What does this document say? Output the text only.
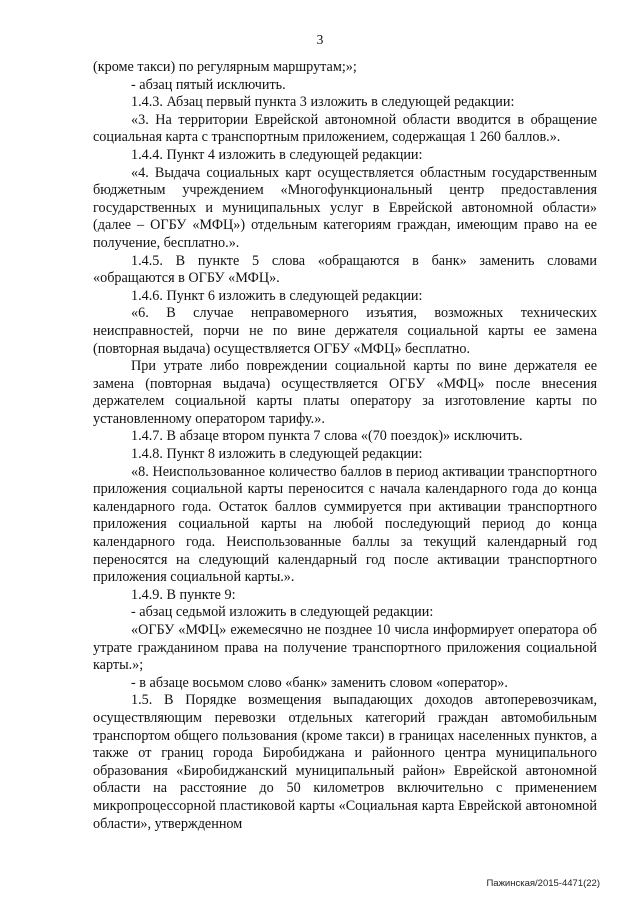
3

(кроме такси) по регулярным маршрутам;»;

- абзац пятый исключить.

1.4.3. Абзац первый пункта 3 изложить в следующей редакции:

«3. На территории Еврейской автономной области вводится в обращение социальная карта с транспортным приложением, содержащая 1 260 баллов.».

1.4.4. Пункт 4 изложить в следующей редакции:

«4. Выдача социальных карт осуществляется областным государственным бюджетным учреждением «Многофункциональный центр предоставления государственных и муниципальных услуг в Еврейской автономной области» (далее – ОГБУ «МФЦ») отдельным категориям граждан, имеющим право на ее получение, бесплатно.».

1.4.5. В пункте 5 слова «обращаются в банк» заменить словами «обращаются в ОГБУ «МФЦ».

1.4.6. Пункт 6 изложить в следующей редакции:

«6. В случае неправомерного изъятия, возможных технических неисправностей, порчи не по вине держателя социальной карты ее замена (повторная выдача) осуществляется ОГБУ «МФЦ» бесплатно.

При утрате либо повреждении социальной карты по вине держателя ее замена (повторная выдача) осуществляется ОГБУ «МФЦ» после внесения держателем социальной карты платы оператору за изготовление карты по установленному оператором тарифу.».

1.4.7. В абзаце втором пункта 7 слова «(70 поездок)» исключить.

1.4.8. Пункт 8 изложить в следующей редакции:

«8. Неиспользованное количество баллов в период активации транспортного приложения социальной карты переносится с начала календарного года до конца календарного года. Остаток баллов суммируется при активации транспортного приложения социальной карты на любой последующий период до конца календарного года. Неиспользованные баллы за текущий календарный год переносятся на следующий календарный год после активации транспортного приложения социальной карты.».

1.4.9. В пункте 9:

- абзац седьмой изложить в следующей редакции:

«ОГБУ «МФЦ» ежемесячно не позднее 10 числа информирует оператора об утрате гражданином права на получение транспортного приложения социальной карты.»;

- в абзаце восьмом слово «банк» заменить словом «оператор».

1.5. В Порядке возмещения выпадающих доходов автоперевозчикам, осуществляющим перевозки отдельных категорий граждан автомобильным транспортом общего пользования (кроме такси) в границах населенных пунктов, а также от границ города Биробиджана и районного центра муниципального образования «Биробиджанский муниципальный район» Еврейской автономной области на расстояние до 50 километров включительно с применением микропроцессорной пластиковой карты «Социальная карта Еврейской автономной области», утвержденном

Пажинская/2015-4471(22)
